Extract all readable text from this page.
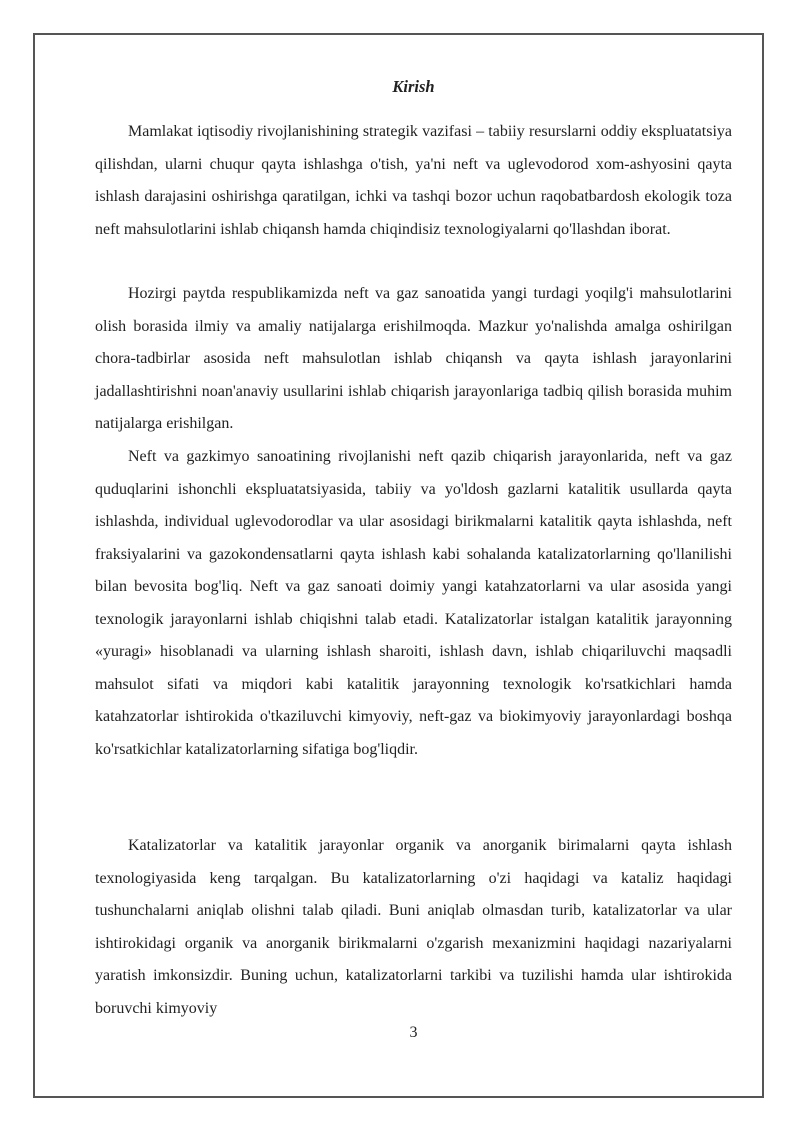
Kirish

Mamlakat iqtisodiy rivojlanishining strategik vazifasi – tabiiy resurslarni oddiy ekspluatatsiya qilishdan, ularni chuqur qayta ishlashga o'tish, ya'ni neft va uglevodorod xom-ashyosini qayta ishlash darajasini oshirishga qaratilgan, ichki va tashqi bozor uchun raqobatbardosh ekologik toza neft mahsulotlarini ishlab chiqansh hamda chiqindisiz texnologiyalarni qo'llashdan iborat.

Hozirgi paytda respublikamizda neft va gaz sanoatida yangi turdagi yoqilg'i mahsulotlarini olish borasida ilmiy va amaliy natijalarga erishilmoqda. Mazkur yo'nalishda amalga oshirilgan chora-tadbirlar asosida neft mahsulotlan ishlab chiqansh va qayta ishlash jarayonlarini jadallashtirishni noan'anaviy usullarini ishlab chiqarish jarayonlariga tadbiq qilish borasida muhim natijalarga erishilgan.

Neft va gazkimyo sanoatining rivojlanishi neft qazib chiqarish jarayonlarida, neft va gaz quduqlarini ishonchli ekspluatatsiyasida, tabiiy va yo'ldosh gazlarni katalitik usullarda qayta ishlashda, individual uglevodorodlar va ular asosidagi birikmalarni katalitik qayta ishlashda, neft fraksiyalarini va gazokondensatlarni qayta ishlash kabi sohalanda katalizatorlarning qo'llanilishi bilan bevosita bog'liq. Neft va gaz sanoati doimiy yangi katahzatorlarni va ular asosida yangi texnologik jarayonlarni ishlab chiqishni talab etadi. Katalizatorlar istalgan katalitik jarayonning «yuragi» hisoblanadi va ularning ishlash sharoiti, ishlash davn, ishlab chiqariluvchi maqsadli mahsulot sifati va miqdori kabi katalitik jarayonning texnologik ko'rsatkichlari hamda katahzatorlar ishtirokida o'tkaziluvchi kimyoviy, neft-gaz va biokimyoviy jarayonlardagi boshqa ko'rsatkichlar katalizatorlarning sifatiga bog'liqdir.

Katalizatorlar va katalitik jarayonlar organik va anorganik birimalarni qayta ishlash texnologiyasida keng tarqalgan. Bu katalizatorlarning o'zi haqidagi va kataliz haqidagi tushunchalarni aniqlab olishni talab qiladi. Buni aniqlab olmasdan turib, katalizatorlar va ular ishtirokidagi organik va anorganik birikmalarni o'zgarish mexanizmini haqidagi nazariyalarni yaratish imkonsizdir. Buning uchun, katalizatorlarni tarkibi va tuzilishi hamda ular ishtirokida boruvchi kimyoviy

3
